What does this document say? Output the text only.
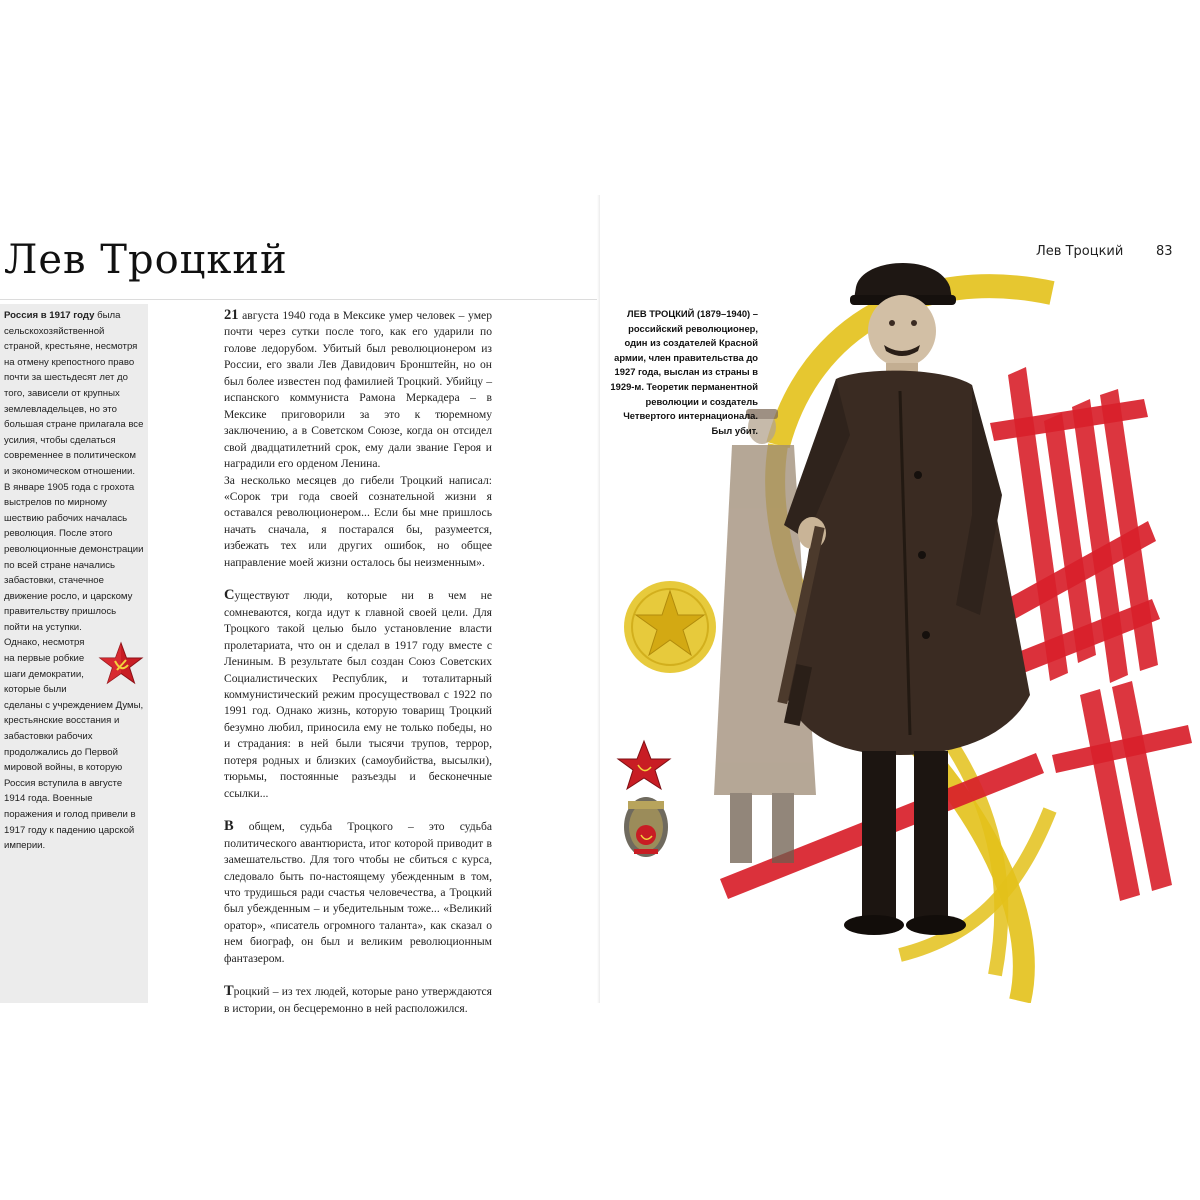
Лев Троцкий

Россия в 1917 году была сельскохозяйственной страной, крестьяне, несмотря на отмену крепостного право почти за шестьдесят лет до того, зависели от крупных землевладельцев, но это большая стране прилагала все усилия, чтобы сделаться современнее в политическом и экономическом отношении.

В январе 1905 года с грохота выстрелов по мирному шествию рабочих началась революция. После этого революционные демонстрации по всей стране начались забастовки, стачечное движение росло, и царскому правительству пришлось пойти на уступки.

Однако, несмотря на первые робкие шаги демократии, которые были сделаны с учреждением Думы, крестьянские восстания и забастовки рабочих продолжались до Первой мировой войны, в которую Россия вступила в августе 1914 года. Военные поражения и голод привели в 1917 году к падению царской империи.

21 августа 1940 года в Мексике умер человек – умер почти через сутки после того, как его ударили по голове ледорубом. Убитый был революционером из России, его звали Лев Давидович Бронштейн, но он был более известен под фамилией Троцкий. Убийцу – испанского коммуниста Рамона Меркадера – в Мексике приговорили за это к тюремному заключению, а в Советском Союзе, когда он отсидел свой двадцатилетний срок, ему дали звание Героя и наградили его орденом Ленина.
За несколько месяцев до гибели Троцкий написал: «Сорок три года своей сознательной жизни я оставался революционером... Если бы мне пришлось начать сначала, я постарался бы, разумеется, избежать тех или других ошибок, но общее направление моей жизни осталось бы неизменным».

Существуют люди, которые ни в чем не сомневаются, когда идут к главной своей цели. Для Троцкого такой целью было установление власти пролетариата, что он и сделал в 1917 году вместе с Лениным. В результате был создан Союз Советских Социалистических Республик, и тоталитарный коммунистический режим просуществовал с 1922 по 1991 год. Однако жизнь, которую товарищ Троцкий безумно любил, приносила ему не только победы, но и страдания: в ней были тысячи трупов, террор, потеря родных и близких (самоубийства, высылки), тюрьмы, постоянные разъезды и бесконечные ссылки...

В общем, судьба Троцкого – это судьба политического авантюриста, итог которой приводит в замешательство. Для того чтобы не сбиться с курса, следовало быть по-настоящему убежденным в том, что трудишься ради счастья человечества, а Троцкий был убежденным – и убедительным тоже... «Великий оратор», «писатель огромного таланта», как сказал о нем биограф, он был и великим революционным фантазером.

Троцкий – из тех людей, которые рано утверждаются в истории, он бесцеремонно в ней расположился.

Лев Троцкий	83

ЛЕВ ТРОЦКИЙ (1879–1940) –

российский революционер,

один из создателей Красной

армии, член правительства до

1927 года, выслан из страны в

1929-м. Теоретик перманентной

революции и создатель

Четвертого интернационала.

Был убит.
